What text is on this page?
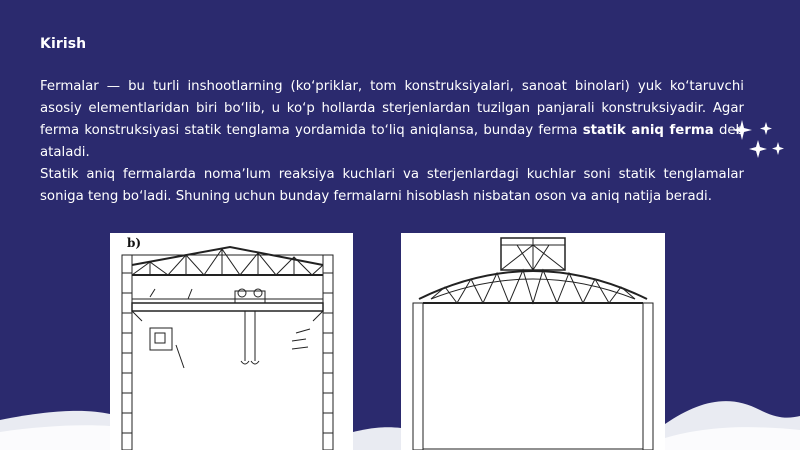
Kirish

Fermalar — bu turli inshootlarning (koʻpriklar, tom konstruksiyalari, sanoat binolari) yuk koʻtaruvchi asosiy elementlaridan biri boʻlib, u koʻp hollarda sterjenlardan tuzilgan panjarali konstruksiyadir. Agar ferma konstruksiyasi statik tenglama yordamida toʻliq aniqlansa, bunday ferma statik aniq ferma deb ataladi.

Statik aniq fermalarda nomaʼlum reaksiya kuchlari va sterjenlardagi kuchlar soni statik tenglamalar soniga teng boʻladi. Shuning uchun bunday fermalarni hisoblash nisbatan oson va aniq natija beradi.

b)
